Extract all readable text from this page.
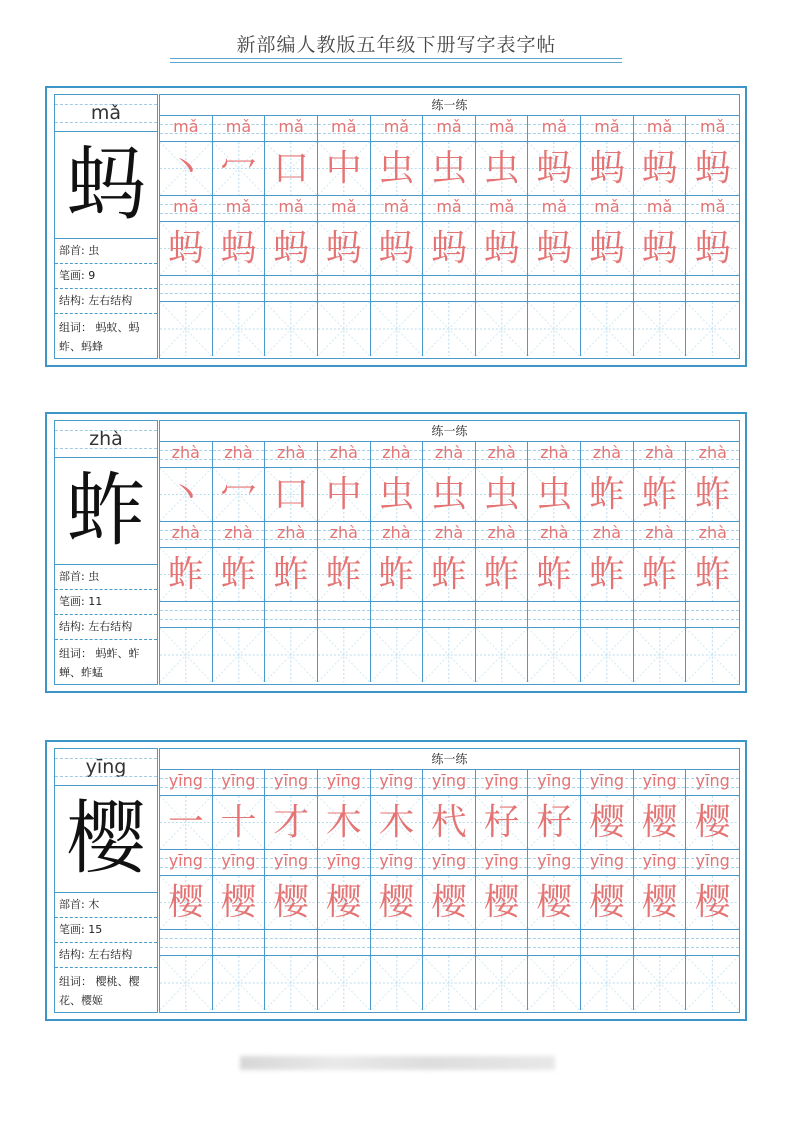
新部编人教版五年级下册写字表字帖
mǎ
蚂
部首: 虫
笔画: 9
结构: 左右结构
组词： 蚂蚁、蚂蚱、蚂蜂
练一练
mǎ	mǎ	mǎ	mǎ	mǎ	mǎ	mǎ	mǎ	mǎ	mǎ	mǎ
丶 冖 口 中 虫 虫 虫 蚂 蚂 蚂 蚂
mǎ	mǎ	mǎ	mǎ	mǎ	mǎ	mǎ	mǎ	mǎ	mǎ	mǎ
蚂 蚂 蚂 蚂 蚂 蚂 蚂 蚂 蚂 蚂 蚂
zhà
蚱
部首: 虫
笔画: 11
结构: 左右结构
组词： 蚂蚱、蚱蝉、蚱蜢
练一练
zhà	zhà	zhà	zhà	zhà	zhà	zhà	zhà	zhà	zhà	zhà
丶 冖 口 中 虫 虫 虫 虫 蚱 蚱 蚱
zhà	zhà	zhà	zhà	zhà	zhà	zhà	zhà	zhà	zhà	zhà
蚱 蚱 蚱 蚱 蚱 蚱 蚱 蚱 蚱 蚱 蚱
yīng
樱
部首: 木
笔画: 15
结构: 左右结构
组词： 樱桃、樱花、樱姬
练一练
yīng	yīng	yīng	yīng	yīng	yīng	yīng	yīng	yīng	yīng	yīng
一 十 才 木 木 杙 杍 杍 樱 樱 樱
yīng	yīng	yīng	yīng	yīng	yīng	yīng	yīng	yīng	yīng	yīng
樱 樱 樱 樱 樱 樱 樱 樱 樱 樱 樱
